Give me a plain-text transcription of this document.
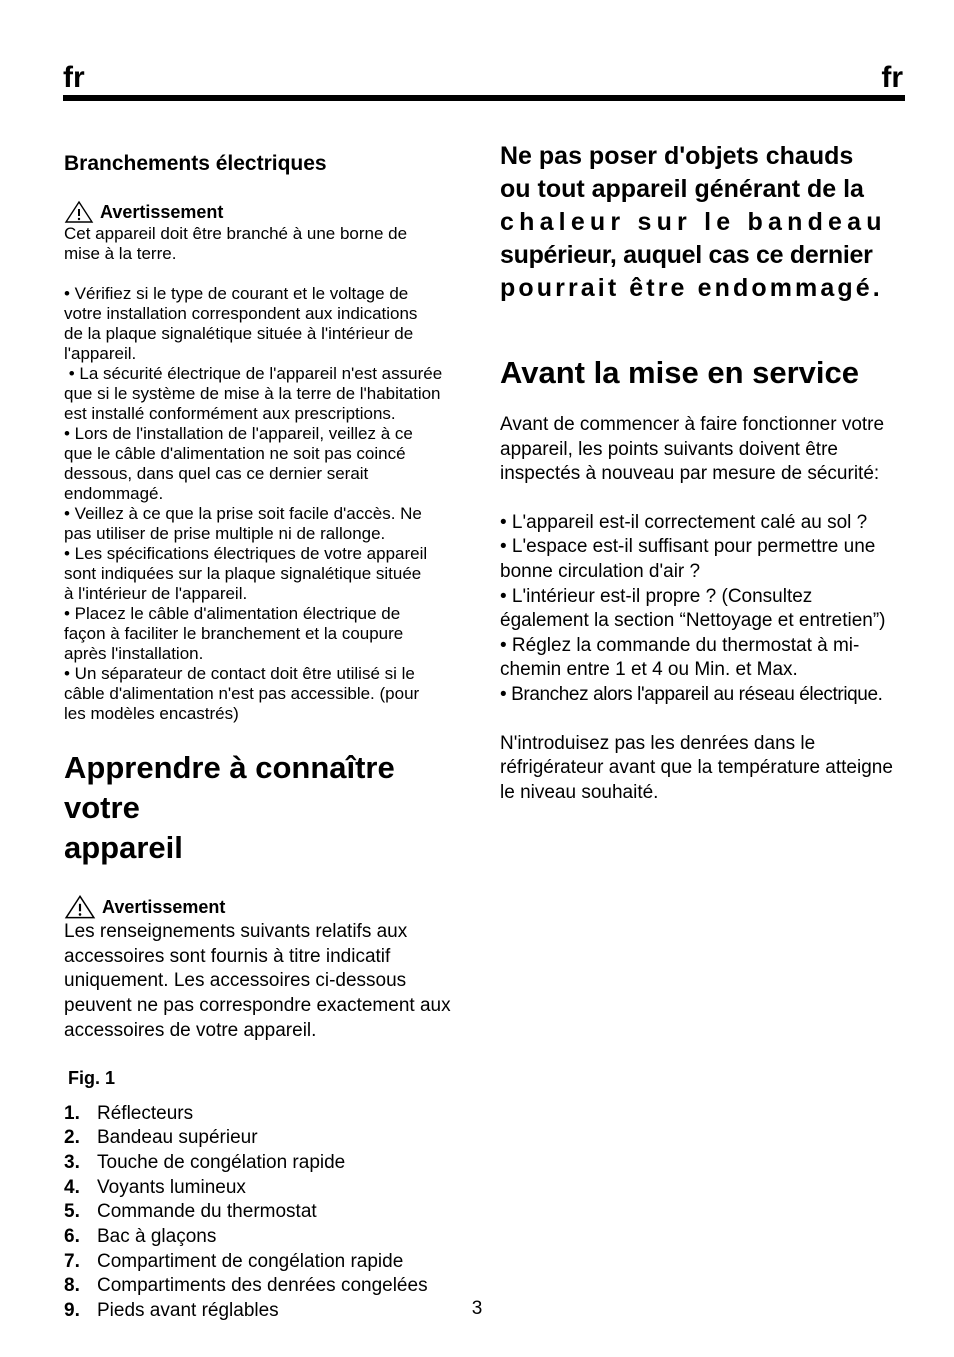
fr	fr
Branchements électriques
Avertissement

Cet appareil doit être branché à une borne de

mise à la terre.

• Vérifiez si le type de courant et le voltage de

votre installation correspondent aux indications

de la plaque signalétique située à l'intérieur de

l'appareil.

• La sécurité électrique de l'appareil n'est assurée

que si le système de mise à la terre de l'habitation

est installé conformément aux prescriptions.

• Lors de l'installation de l'appareil, veillez à ce

que le câble d'alimentation ne soit pas coincé

dessous, dans quel cas ce dernier serait

endommagé.

• Veillez à ce que la prise soit facile d'accès. Ne

pas utiliser de prise multiple ni de rallonge.

• Les spécifications électriques de votre appareil

sont indiquées sur la plaque signalétique située

à l'intérieur de l'appareil.

• Placez le câble d'alimentation électrique de

façon à faciliter le branchement et la coupure

après l'installation.

• Un séparateur de contact doit être utilisé si le

câble d'alimentation n'est pas accessible. (pour

les modèles encastrés)

Apprendre à connaître votre
appareil
Avertissement

Les renseignements suivants relatifs aux

accessoires sont fournis à titre indicatif

uniquement. Les accessoires ci-dessous

peuvent ne pas correspondre exactement aux

accessoires de votre appareil.

Fig. 1
1. Réflecteurs
2. Bandeau supérieur
3. Touche de congélation rapide
4. Voyants lumineux
5. Commande du thermostat
6. Bac à glaçons
7. Compartiment de congélation rapide
8. Compartiments des denrées congelées
9. Pieds avant réglables

Ne pas poser d'objets chauds

ou tout appareil générant de la

chaleur sur le bandeau

supérieur, auquel cas ce dernier

pourrait être endommagé.

Avant la mise en service

Avant de commencer à faire fonctionner votre

appareil, les points suivants doivent être

inspectés à nouveau par mesure de sécurité:

• L'appareil est-il correctement calé au sol ?

• L'espace est-il suffisant pour permettre une

bonne circulation d'air ?

• L'intérieur est-il propre ? (Consultez

également la section “Nettoyage et entretien”)

• Réglez la commande du thermostat à mi-

chemin entre 1 et 4 ou Min. et Max.

• Branchez alors l'appareil au réseau électrique.

N'introduisez pas les denrées dans le

réfrigérateur avant que la température atteigne

le niveau souhaité.

3
